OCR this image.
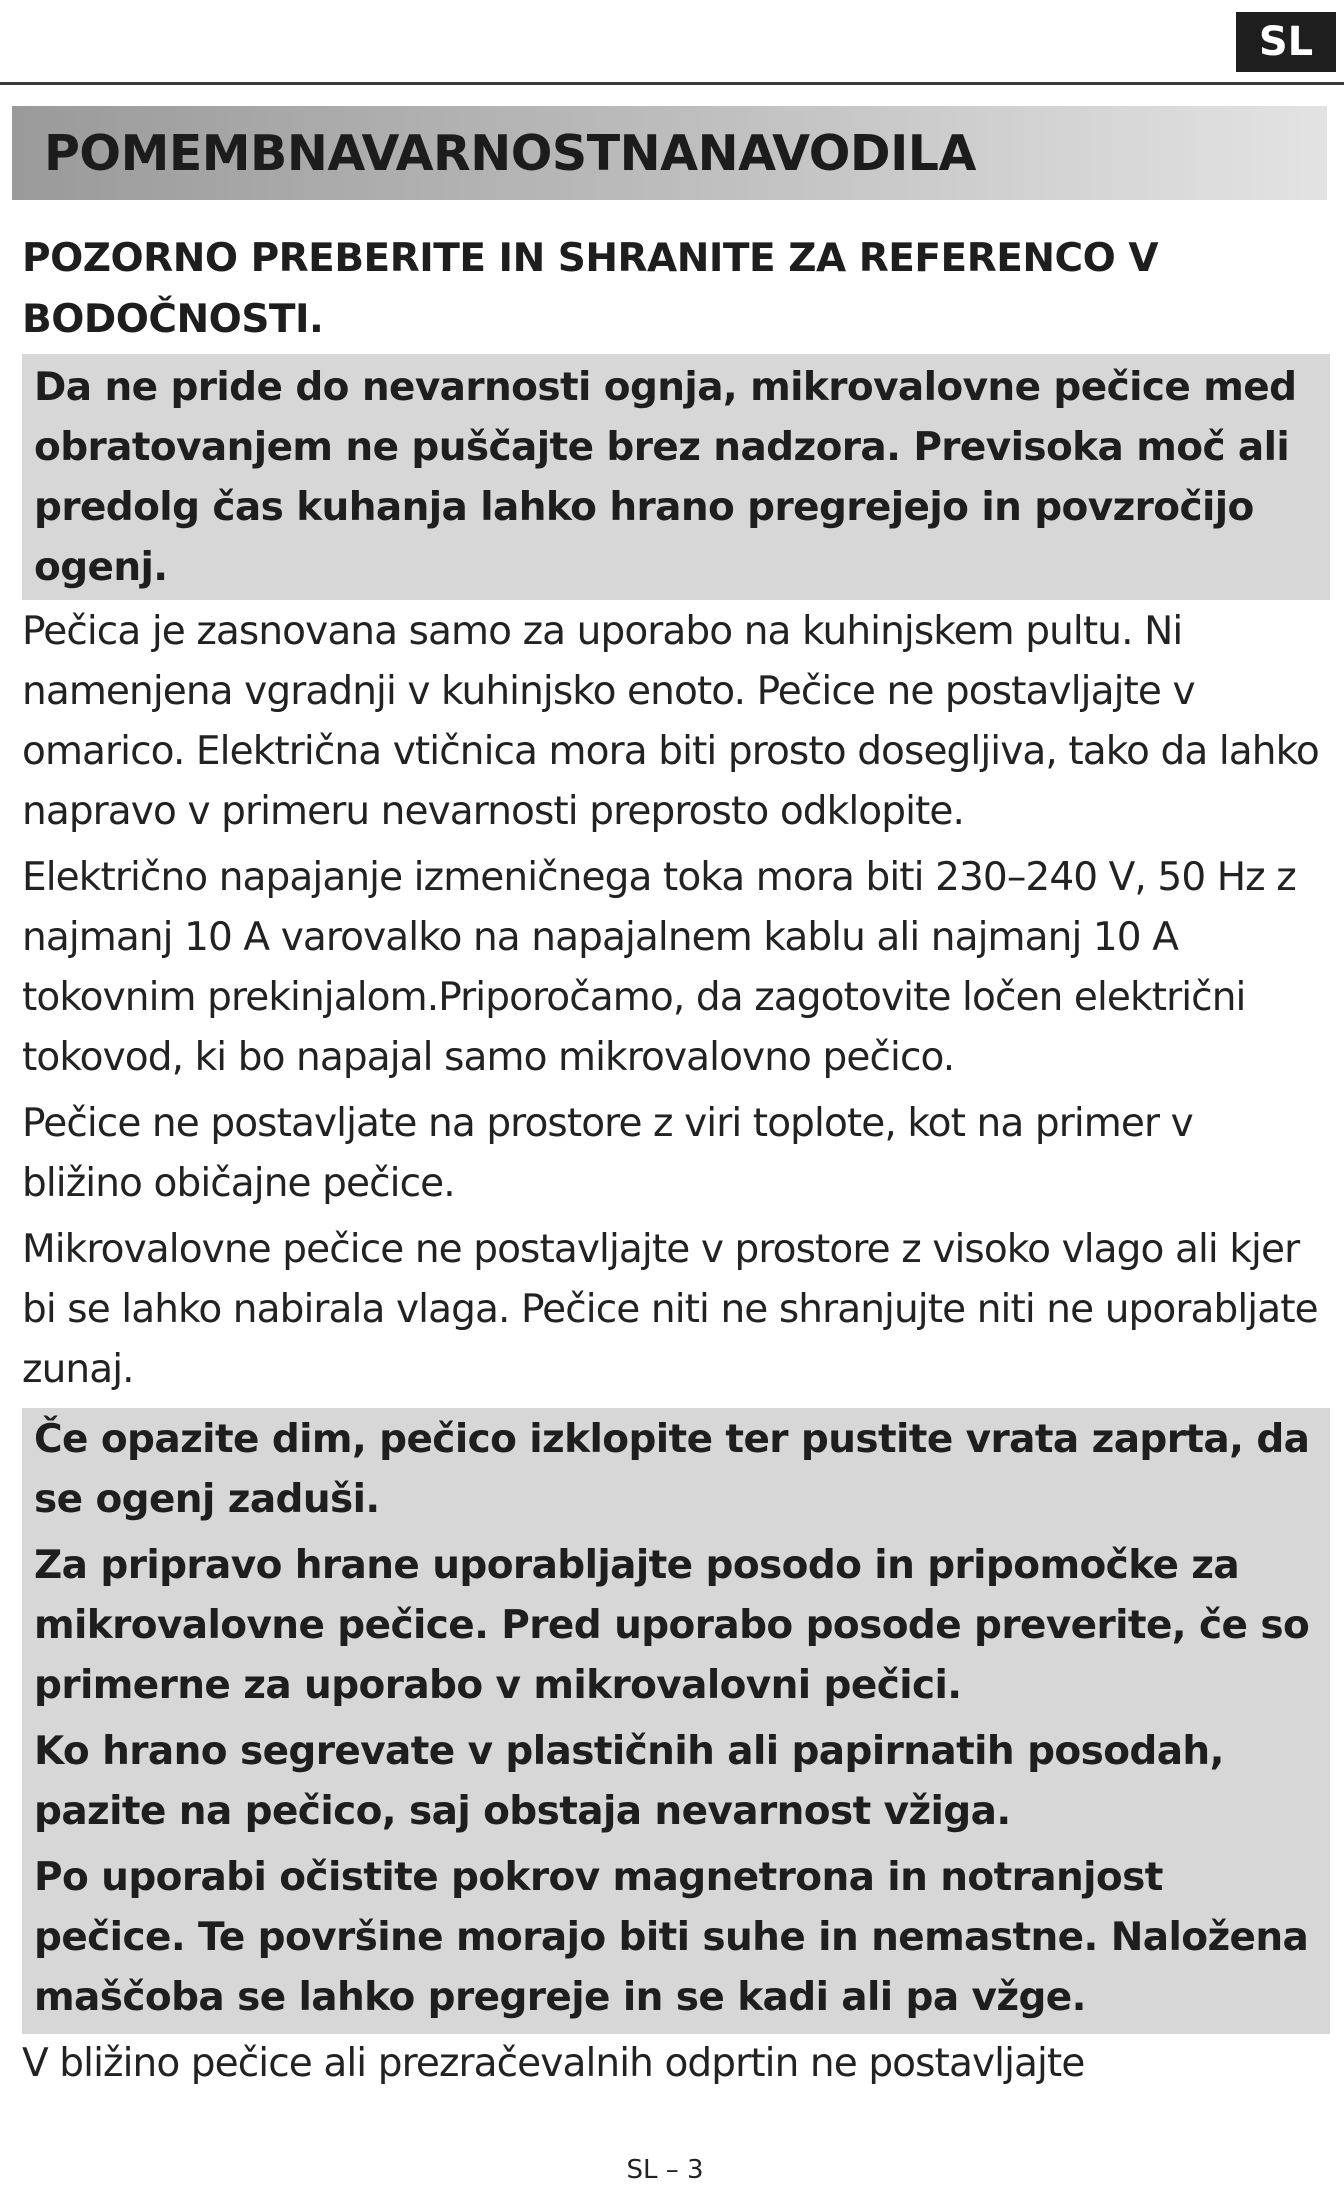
SL
POMEMBNAVARNOSTNANAVODILA

POZORNO PREBERITE IN SHRANITE ZA REFERENCO V BODOČNOSTI.

Da ne pride do nevarnosti ognja, mikrovalovne pečice med obratovanjem ne puščajte brez nadzora. Previsoka moč ali predolg čas kuhanja lahko hrano pregrejejo in povzročijo ogenj.

Pečica je zasnovana samo za uporabo na kuhinjskem pultu. Ni namenjena vgradnji v kuhinjsko enoto. Pečice ne postavljajte v omarico. Električna vtičnica mora biti prosto dosegljiva, tako da lahko napravo v primeru nevarnosti preprosto odklopite.

Električno napajanje izmeničnega toka mora biti 230–240 V, 50 Hz z najmanj 10 A varovalko na napajalnem kablu ali najmanj 10 A tokovnim prekinjalom.Priporočamo, da zagotovite ločen električni tokovod, ki bo napajal samo mikrovalovno pečico.

Pečice ne postavljate na prostore z viri toplote, kot na primer v bližino običajne pečice.

Mikrovalovne pečice ne postavljajte v prostore z visoko vlago ali kjer bi se lahko nabirala vlaga. Pečice niti ne shranjujte niti ne uporabljate zunaj.

Če opazite dim, pečico izklopite ter pustite vrata zaprta, da se ogenj zaduši.

Za pripravo hrane uporabljajte posodo in pripomočke za mikrovalovne pečice. Pred uporabo posode preverite, če so primerne za uporabo v mikrovalovni pečici.

Ko hrano segrevate v plastičnih ali papirnatih posodah, pazite na pečico, saj obstaja nevarnost vžiga.

Po uporabi očistite pokrov magnetrona in notranjost pečice. Te površine morajo biti suhe in nemastne. Naložena maščoba se lahko pregreje in se kadi ali pa vžge.

V bližino pečice ali prezračevalnih odprtin ne postavljajte

SL – 3
